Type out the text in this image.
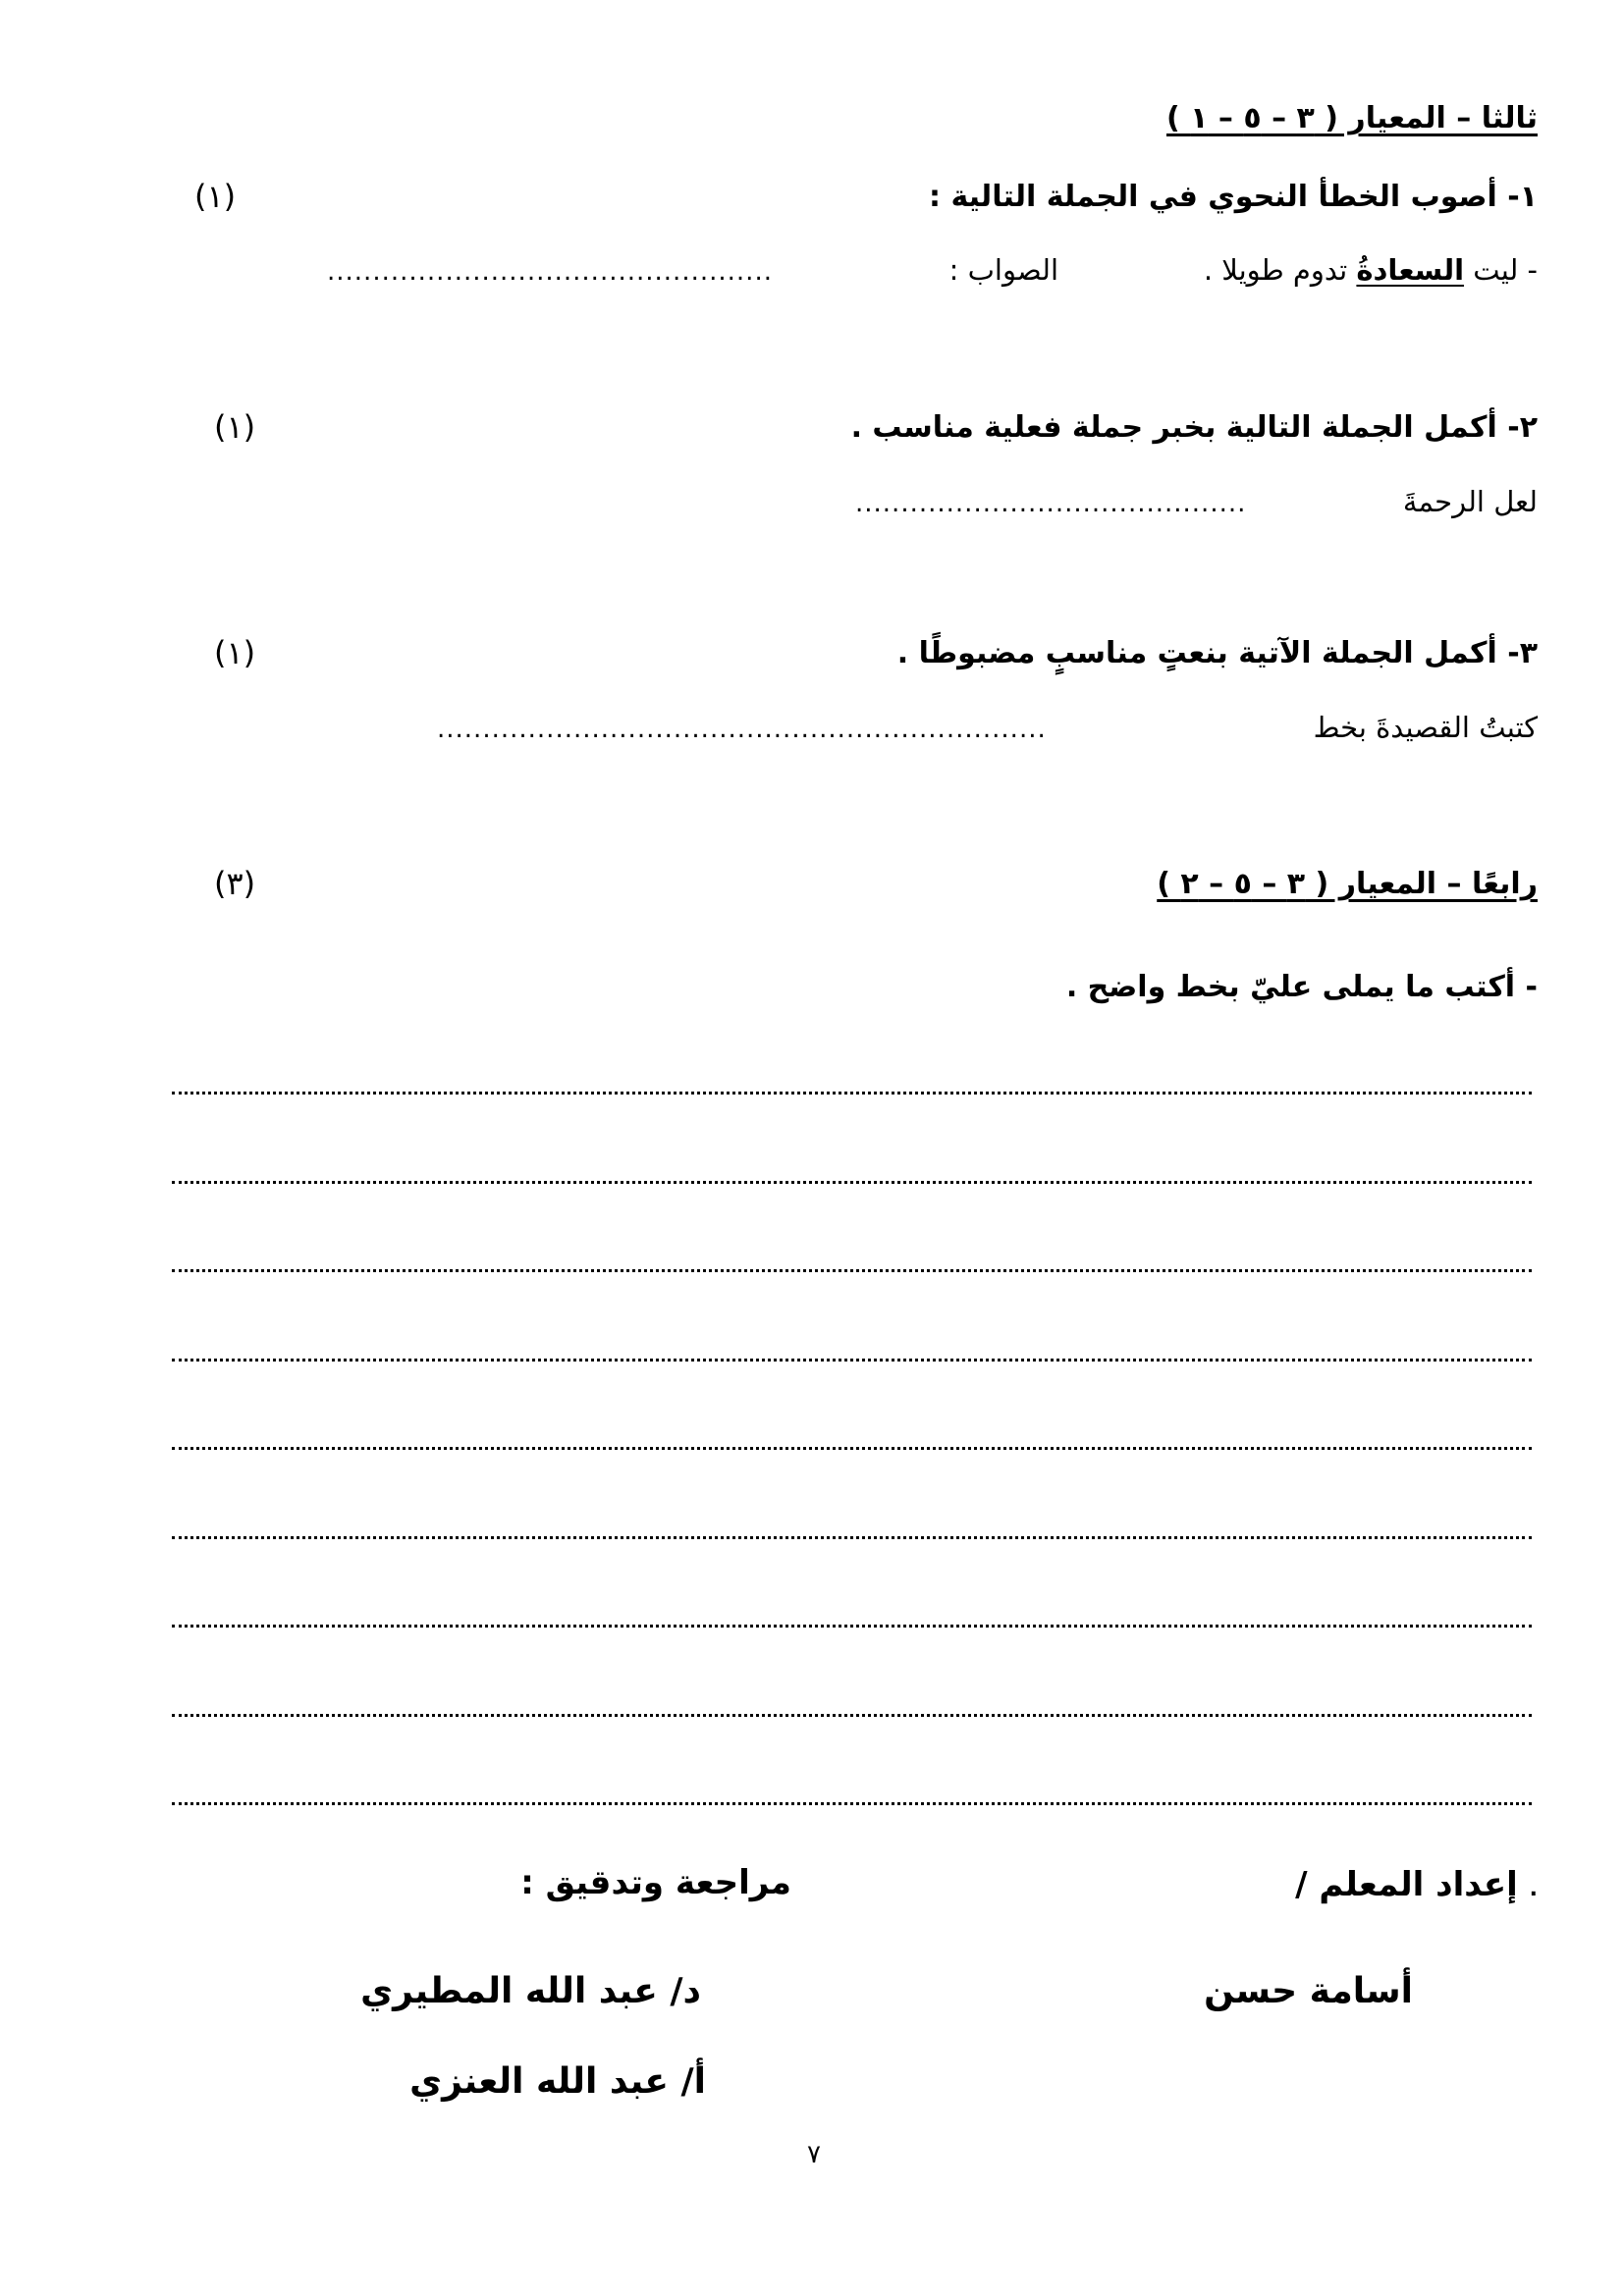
ثالثا – المعيار ( ٣ – ٥ – ١ )
١- أصوب الخطأ النحوي في الجملة التالية :
(١)
- ليت السعادةُ تدوم طويلا .
الصواب :
.................................................
٢- أكمل الجملة التالية بخبر جملة فعلية مناسب .
(١)
لعل الرحمةَ
...........................................
٣- أكمل الجملة الآتية بنعتٍ مناسبٍ مضبوطًا .
(١)
كتبتُ القصيدةَ بخط
...................................................................
رابعًا – المعيار ( ٣ – ٥ – ٢ )
(٣)
- أكتب ما يملى عليّ بخط واضح .
. إعداد المعلم /
مراجعة وتدقيق :
أسامة حسن
د/ عبد الله المطيري
أ/ عبد الله العنزي
٧
